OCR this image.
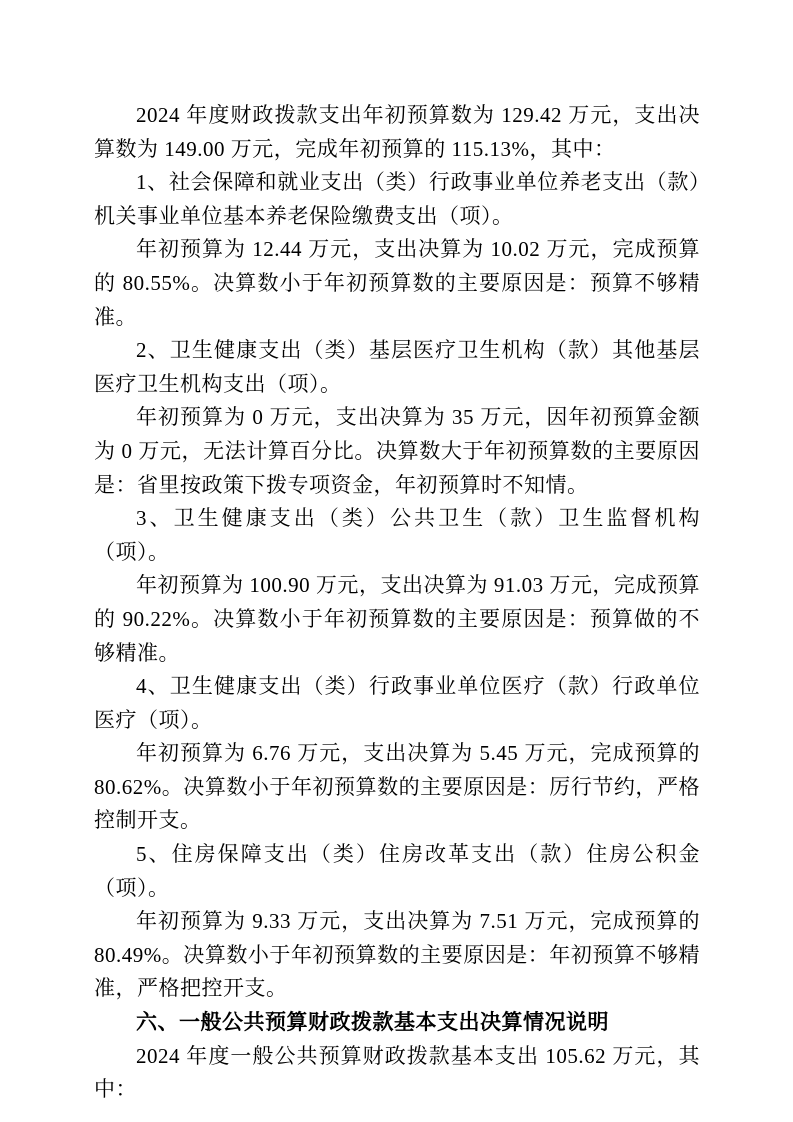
2024 年度财政拨款支出年初预算数为 129.42 万元，支出决算数为 149.00 万元，完成年初预算的 115.13%，其中：

1、社会保障和就业支出（类）行政事业单位养老支出（款）机关事业单位基本养老保险缴费支出（项）。

年初预算为 12.44 万元，支出决算为 10.02 万元，完成预算的 80.55%。决算数小于年初预算数的主要原因是：预算不够精准。

2、卫生健康支出（类）基层医疗卫生机构（款）其他基层医疗卫生机构支出（项）。

年初预算为 0 万元，支出决算为 35 万元，因年初预算金额为 0 万元，无法计算百分比。决算数大于年初预算数的主要原因是：省里按政策下拨专项资金，年初预算时不知情。

3、卫生健康支出（类）公共卫生（款）卫生监督机构（项）。

年初预算为 100.90 万元，支出决算为 91.03 万元，完成预算的 90.22%。决算数小于年初预算数的主要原因是：预算做的不够精准。

4、卫生健康支出（类）行政事业单位医疗（款）行政单位医疗（项）。

年初预算为 6.76 万元，支出决算为 5.45 万元，完成预算的 80.62%。决算数小于年初预算数的主要原因是：厉行节约，严格控制开支。

5、住房保障支出（类）住房改革支出（款）住房公积金（项）。

年初预算为 9.33 万元，支出决算为 7.51 万元，完成预算的 80.49%。决算数小于年初预算数的主要原因是：年初预算不够精准，严格把控开支。

六、一般公共预算财政拨款基本支出决算情况说明

2024 年度一般公共预算财政拨款基本支出 105.62 万元，其中：
